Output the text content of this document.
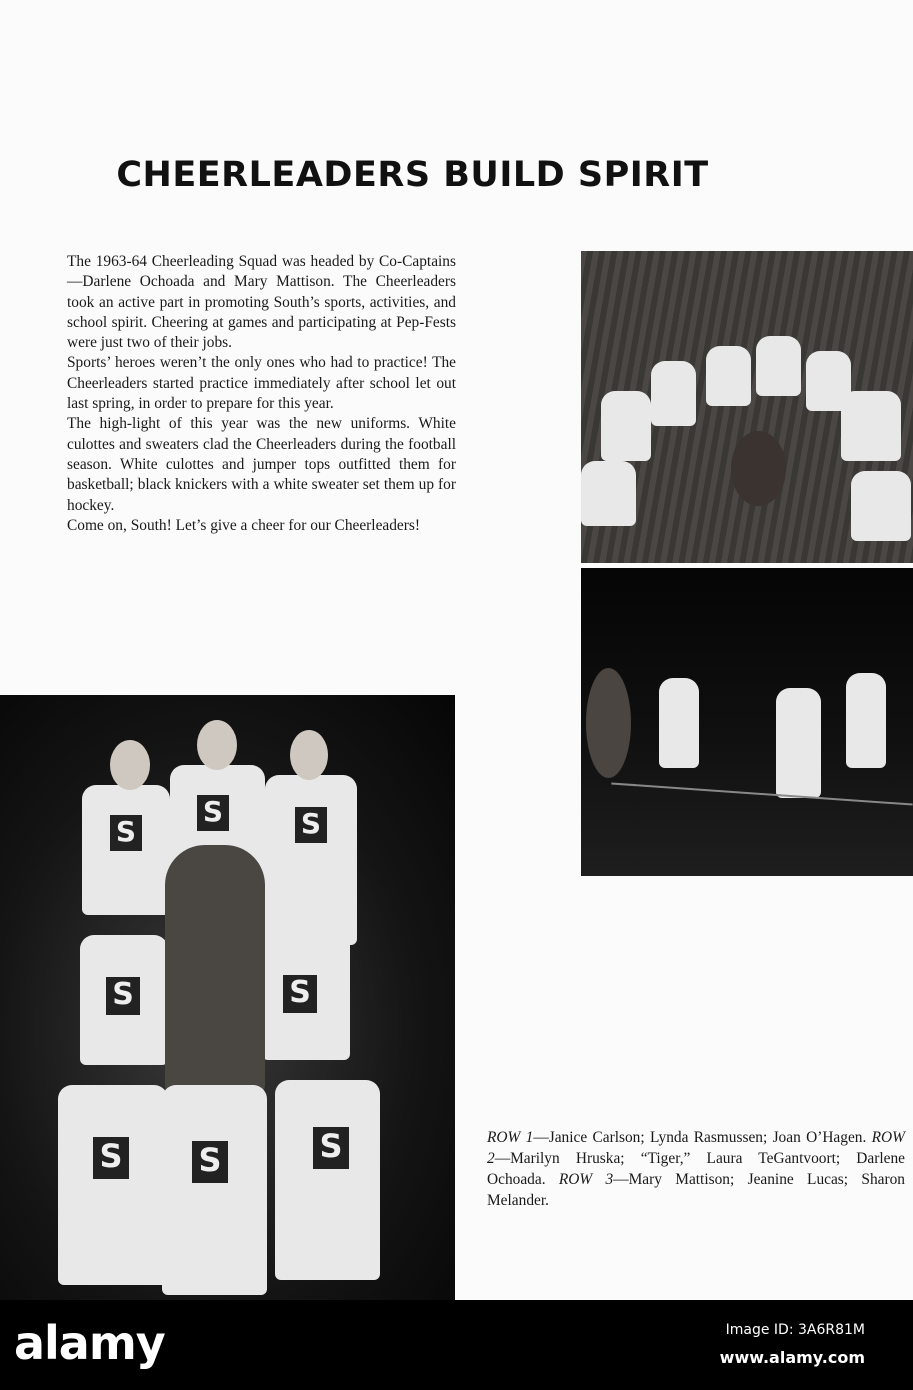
CHEERLEADERS BUILD SPIRIT

The 1963-64 Cheerleading Squad was headed by Co-Captains—Darlene Ochoada and Mary Mattison. The Cheerleaders took an active part in promoting South’s sports, activities, and school spirit. Cheering at games and participating at Pep-Fests were just two of their jobs.

Sports’ heroes weren’t the only ones who had to practice! The Cheerleaders started practice immediately after school let out last spring, in order to prepare for this year.

The high-light of this year was the new uniforms. White culottes and sweaters clad the Cheerleaders during the football season. White culottes and jumper tops outfitted them for basketball; black knickers with a white sweater set them up for hockey.

Come on, South! Let’s give a cheer for our Cheerleaders!

S
S	S
S	S
S S	S	ROW 1—Janice Carlson; Lynda Rasmussen; Joan O’Hagen. ROW 2—Marilyn Hruska; “Tiger,” Laura TeGantvoort; Darlene Ochoada. ROW 3—Mary Mattison; Jeanine Lucas; Sharon Melander.
alamy	Image ID: 3A6R81M
www.alamy.com
